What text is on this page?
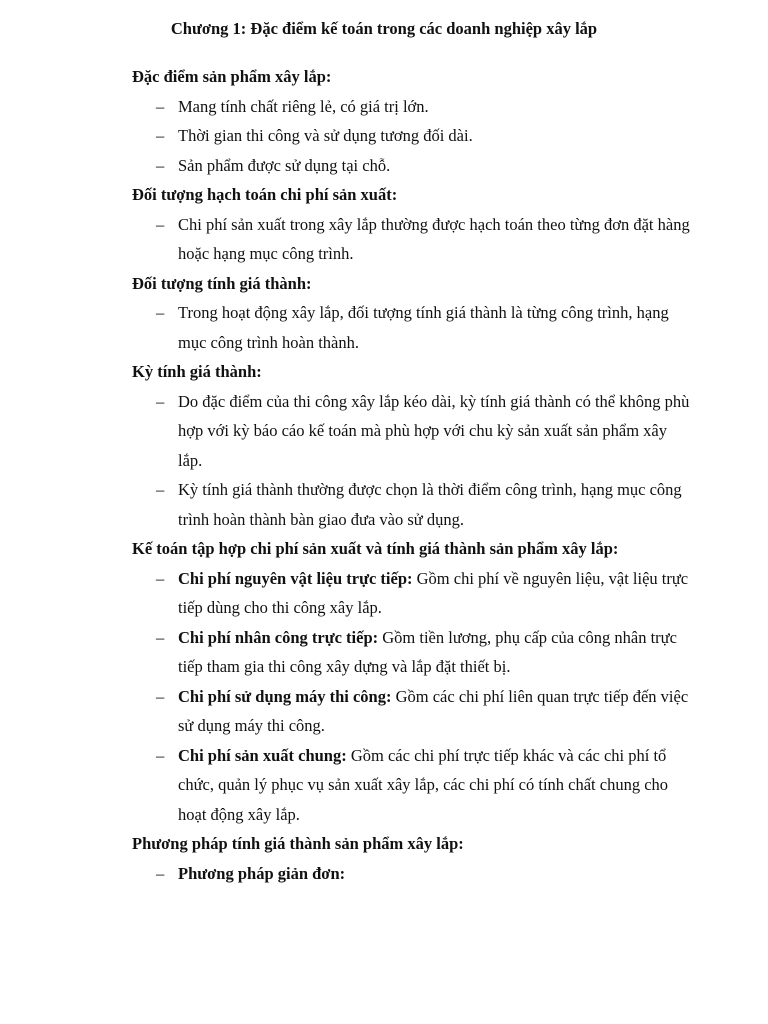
Chương 1: Đặc điểm kế toán trong các doanh nghiệp xây lắp

Đặc điểm sản phẩm xây lắp:

– Mang tính chất riêng lẻ, có giá trị lớn.
– Thời gian thi công và sử dụng tương đối dài.
– Sản phẩm được sử dụng tại chỗ.

Đối tượng hạch toán chi phí sản xuất:

– Chi phí sản xuất trong xây lắp thường được hạch toán theo từng đơn đặt hàng hoặc hạng mục công trình.

Đối tượng tính giá thành:

– Trong hoạt động xây lắp, đối tượng tính giá thành là từng công trình, hạng mục công trình hoàn thành.

Kỳ tính giá thành:

– Do đặc điểm của thi công xây lắp kéo dài, kỳ tính giá thành có thể không phù hợp với kỳ báo cáo kế toán mà phù hợp với chu kỳ sản xuất sản phẩm xây lắp.
– Kỳ tính giá thành thường được chọn là thời điểm công trình, hạng mục công trình hoàn thành bàn giao đưa vào sử dụng.

Kế toán tập hợp chi phí sản xuất và tính giá thành sản phẩm xây lắp:

– Chi phí nguyên vật liệu trực tiếp: Gồm chi phí về nguyên liệu, vật liệu trực tiếp dùng cho thi công xây lắp.
– Chi phí nhân công trực tiếp: Gồm tiền lương, phụ cấp của công nhân trực tiếp tham gia thi công xây dựng và lắp đặt thiết bị.
– Chi phí sử dụng máy thi công: Gồm các chi phí liên quan trực tiếp đến việc sử dụng máy thi công.
– Chi phí sản xuất chung: Gồm các chi phí trực tiếp khác và các chi phí tổ chức, quản lý phục vụ sản xuất xây lắp, các chi phí có tính chất chung cho hoạt động xây lắp.

Phương pháp tính giá thành sản phẩm xây lắp:

– Phương pháp giản đơn:
